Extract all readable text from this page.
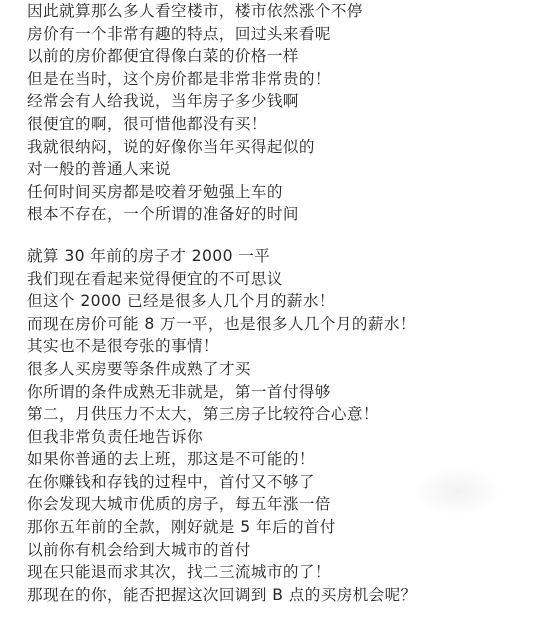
因此就算那么多人看空楼市，楼市依然涨个不停
房价有一个非常有趣的特点，回过头来看呢
以前的房价都便宜得像白菜的价格一样
但是在当时，这个房价都是非常非常贵的！
经常会有人给我说，当年房子多少钱啊
很便宜的啊，很可惜他都没有买！
我就很纳闷，说的好像你当年买得起似的
对一般的普通人来说
任何时间买房都是咬着牙勉强上车的
根本不存在，一个所谓的准备好的时间
就算 30 年前的房子才 2000 一平
我们现在看起来觉得便宜的不可思议
但这个 2000 已经是很多人几个月的薪水！
而现在房价可能 8 万一平，也是很多人几个月的薪水！
其实也不是很夸张的事情！
很多人买房要等条件成熟了才买
你所谓的条件成熟无非就是，第一首付得够
第二，月供压力不太大，第三房子比较符合心意！
但我非常负责任地告诉你
如果你普通的去上班，那这是不可能的！
在你赚钱和存钱的过程中，首付又不够了
你会发现大城市优质的房子，每五年涨一倍
那你五年前的全款，刚好就是 5 年后的首付
以前你有机会给到大城市的首付
现在只能退而求其次，找二三流城市的了！
那现在的你，能否把握这次回调到 B 点的买房机会呢？
